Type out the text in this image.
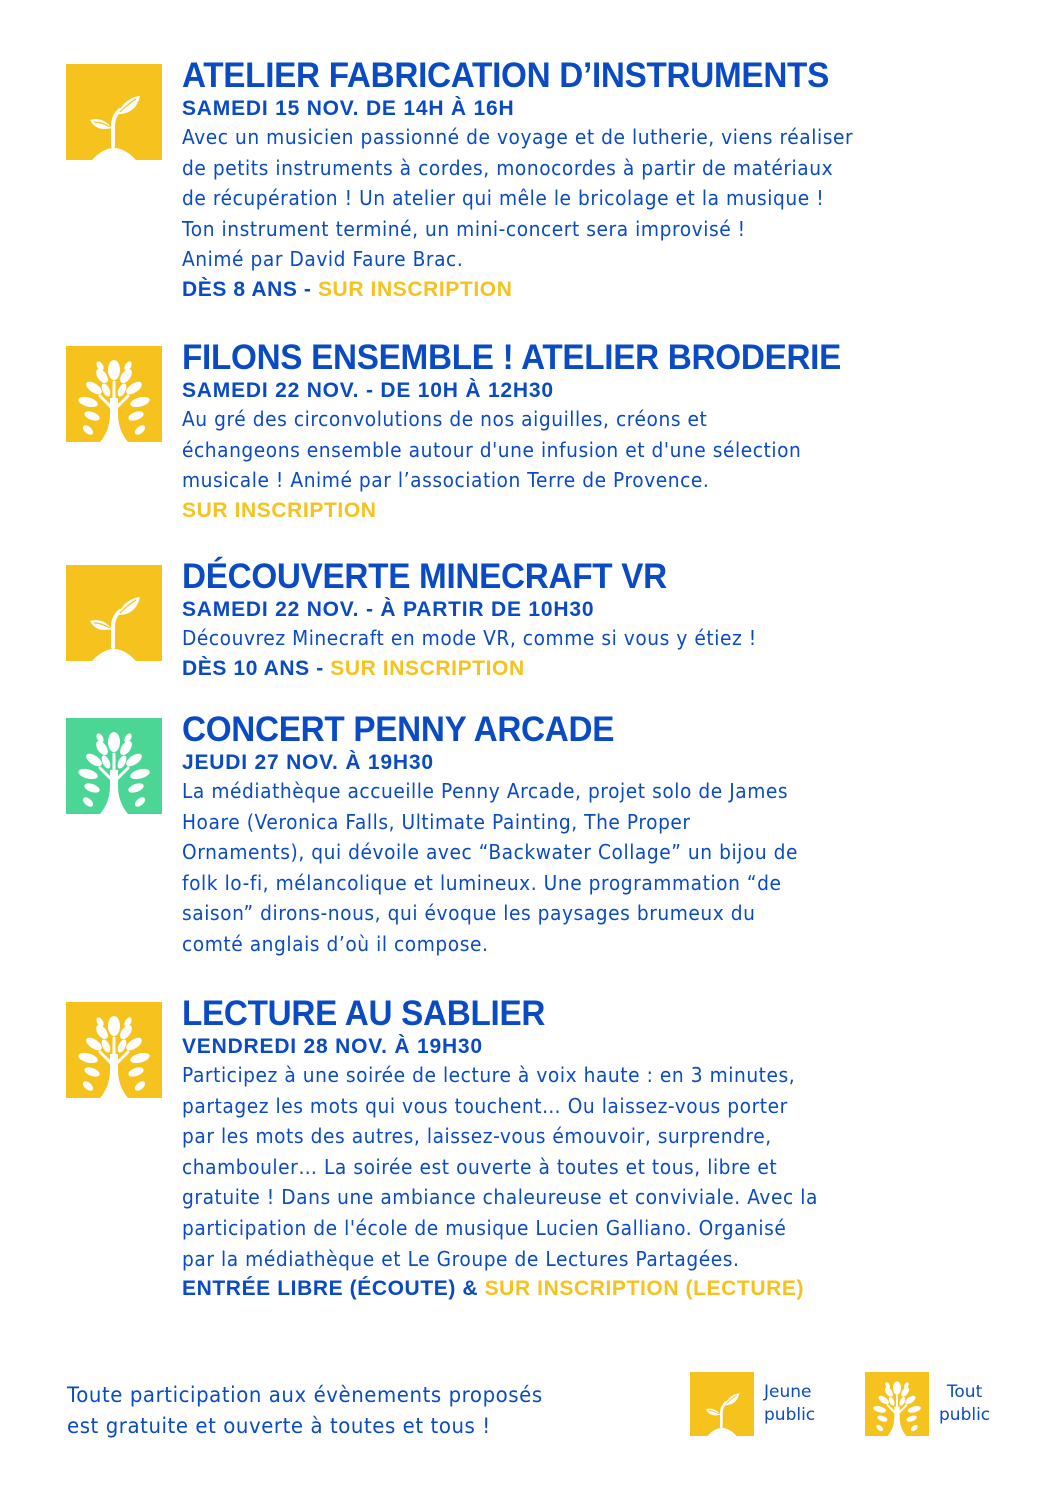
ATELIER FABRICATION D’INSTRUMENTS
SAMEDI 15 NOV. DE 14H À 16H
Avec un musicien passionné de voyage et de lutherie, viens réaliser
de petits instruments à cordes, monocordes à partir de matériaux
de récupération ! Un atelier qui mêle le bricolage et la musique !
Ton instrument terminé, un mini-concert sera improvisé !
Animé par David Faure Brac.
DÈS 8 ANS - SUR INSCRIPTION
FILONS ENSEMBLE ! ATELIER BRODERIE
SAMEDI 22 NOV. - DE 10H À 12H30
Au gré des circonvolutions de nos aiguilles, créons et
échangeons ensemble autour d'une infusion et d'une sélection
musicale ! Animé par l’association Terre de Provence.
SUR INSCRIPTION
DÉCOUVERTE MINECRAFT VR
SAMEDI 22 NOV. - À PARTIR DE 10H30
Découvrez Minecraft en mode VR, comme si vous y étiez !
DÈS 10 ANS - SUR INSCRIPTION
CONCERT PENNY ARCADE
JEUDI 27 NOV. À 19H30
La médiathèque accueille Penny Arcade, projet solo de James
Hoare (Veronica Falls, Ultimate Painting, The Proper
Ornaments), qui dévoile avec “Backwater Collage” un bijou de
folk lo-fi, mélancolique et lumineux. Une programmation “de
saison” dirons-nous, qui évoque les paysages brumeux du
comté anglais d’où il compose.
LECTURE AU SABLIER
VENDREDI 28 NOV. À 19H30
Participez à une soirée de lecture à voix haute : en 3 minutes,
partagez les mots qui vous touchent… Ou laissez-vous porter
par les mots des autres, laissez-vous émouvoir, surprendre,
chambouler… La soirée est ouverte à toutes et tous, libre et
gratuite ! Dans une ambiance chaleureuse et conviviale. Avec la
participation de l'école de musique Lucien Galliano. Organisé
par la médiathèque et Le Groupe de Lectures Partagées.
ENTRÉE LIBRE (ÉCOUTE) & SUR INSCRIPTION (LECTURE)
Toute participation aux évènements proposés
est gratuite et ouverte à toutes et tous !
Jeune
public
Tout
public
